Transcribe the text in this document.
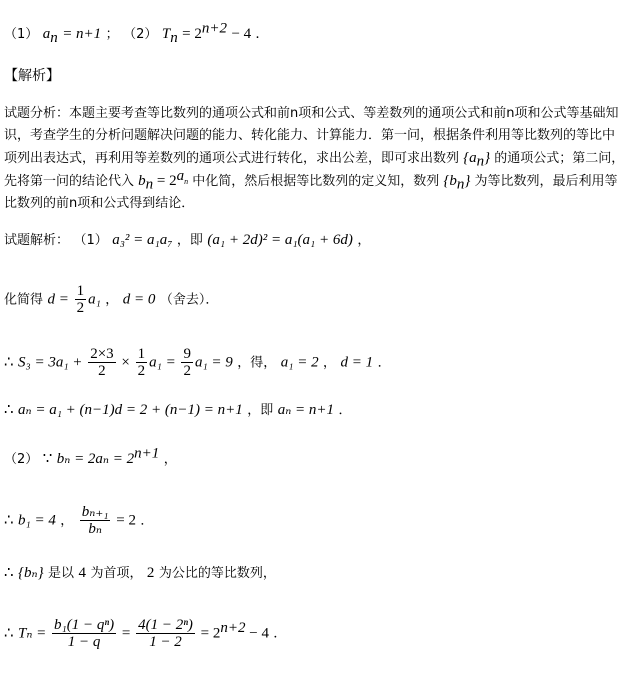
（1） $a_n = n+1$ ； （2） $T_n = 2^{n+2} - 4$ .
【解析】
试题分析：本题主要考查等比数列的通项公式和前n项和公式、等差数列的通项公式和前n项和公式等基础知识，考查学生的分析问题解决问题的能力、转化能力、计算能力．第一问，根据条件利用等比数列的等比中项列出表达式，再利用等差数列的通项公式进行转化，求出公差，即可求出数列 $\{a_n\}$ 的通项公式；第二问，先将第一问的结论代入 $b_n = 2^{a_n}$ 中化简，然后根据等比数列的定义知，数列 $\{b_n\}$ 为等比数列，最后利用等比数列的前n项和公式得到结论．
试题解析： （1） a₃² = a₁a₇ ，即 (a₁ + 2d)² = a₁(a₁ + 6d) ，
化简得 $d = \frac{1}{2} a_1$ ， d = 0 （舍去）．
∴ $S_3 = 3a_1 + \frac{2\times 3}{2} \times \frac{1}{2} a_1 = \frac{9}{2} a_1 = 9$ ，得， a₁ = 2 ， d = 1 ．
∴ aₙ = a₁ + (n−1)d = 2 + (n−1) = n+1 ，即 aₙ = n+1 ．
（2） ∵ $b_n = 2a_n = 2^{n+1}$ ，
∴ b₁ = 4 ， $\frac{\text{bₙ₊₁}}{\text{bₙ}} = 2$ ．
∴ {bₙ} 是以 4 为首项， 2 为公比的等比数列，
∴ $T_n = \frac{\text{b₁(1 − qⁿ)}}{1 - q} = \frac{\text{4(1 − 2ⁿ)}}{1 - 2} = 2^{n+2} - 4$ .
